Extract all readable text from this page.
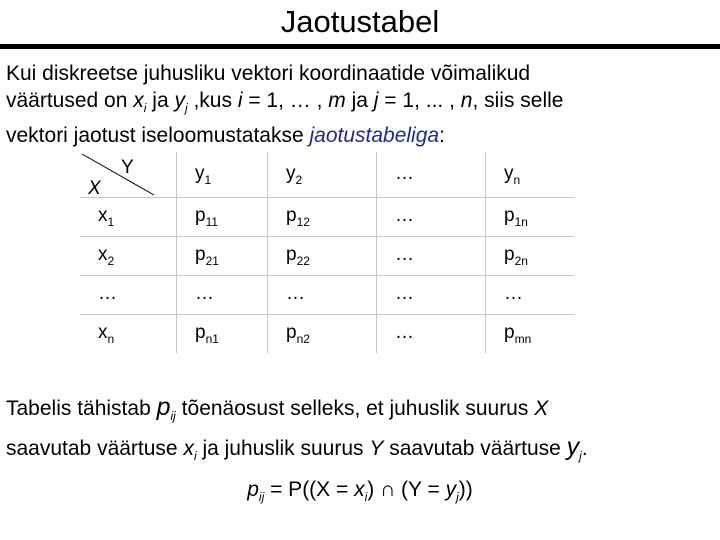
Jaotustabel
Kui diskreetse juhusliku vektori koordinaatide võimalikud
väärtused on $x_i$ ja $y_j$ ,kus i = 1, … , m ja j = 1, ... , n, siis selle
vektori jaotust iseloomustatakse jaotustabeliga:
Y
X	$y_1$	$y_2$	…	$y_n$
$x_1$	$p_{11}$	$p_{12}$	…	$p_{1n}$
$x_2$	$p_{21}$	$p_{22}$	…	$p_{2n}$
…	…	…	…	…
$x_n$	$p_{n1}$	$p_{n2}$	…	$p_{mn}$
Tabelis tähistab $p_{ij}$ tõenäosust selleks, et juhuslik suurus X
saavutab väärtuse $x_i$ ja juhuslik suurus Y saavutab väärtuse $y_j$.
$p_{ij} = P((X = x_i)$ ∩ $(Y = y_j)$)
